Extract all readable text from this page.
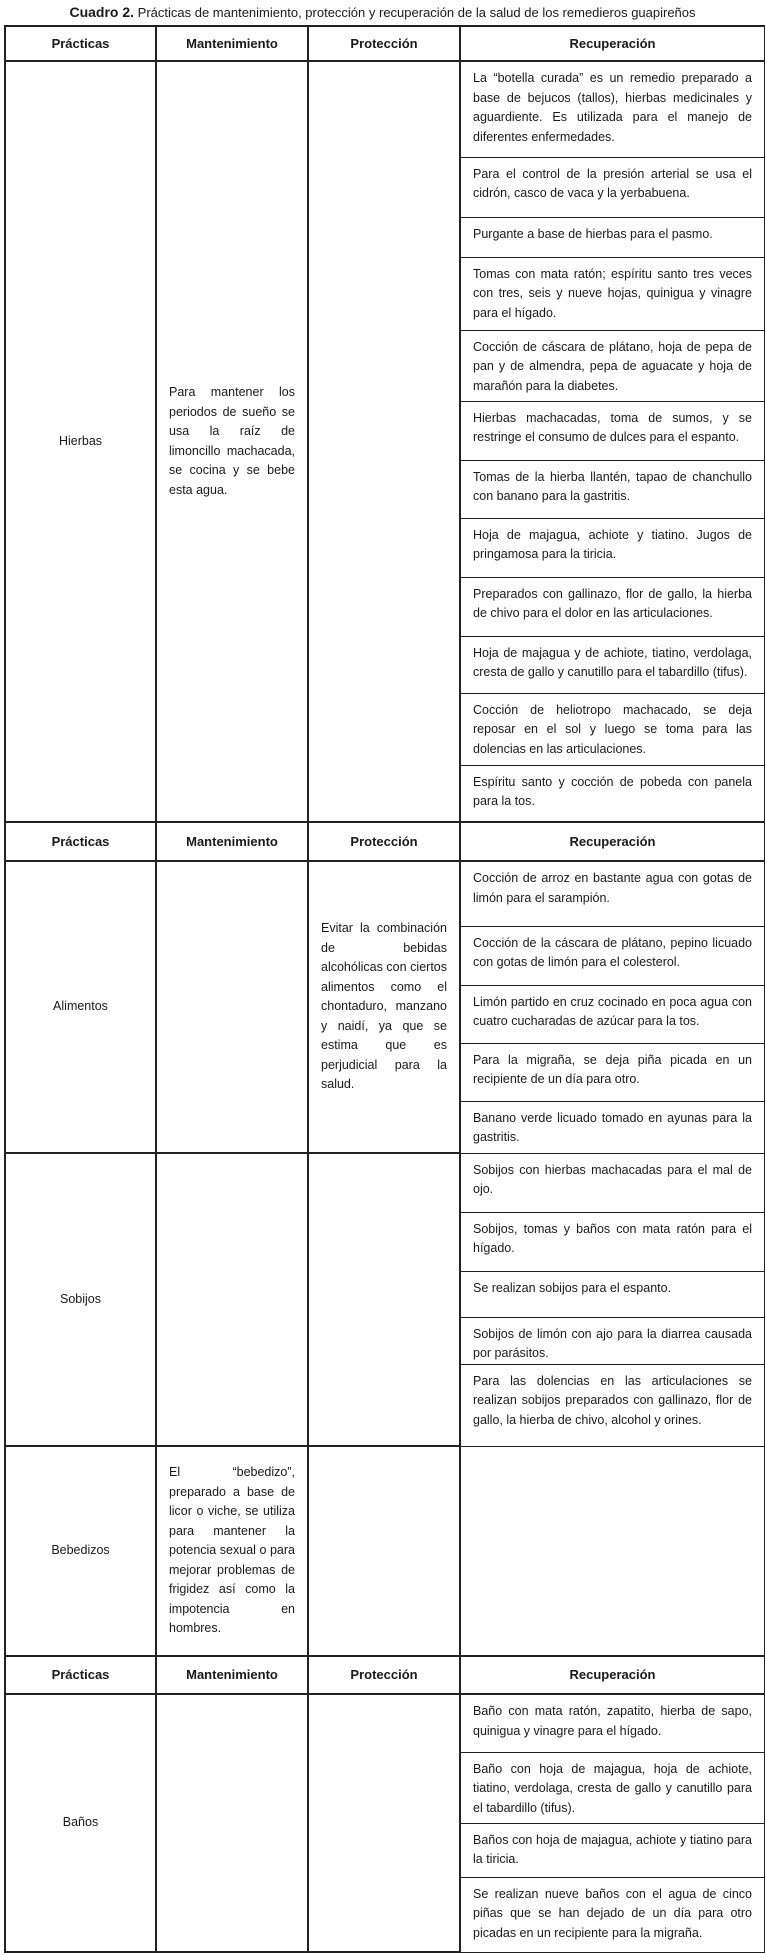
Cuadro 2. Prácticas de mantenimiento, protección y recuperación de la salud de los remedieros guapireños
Prácticas	Mantenimiento	Protección	Recuperación
Hierbas	Para mantener los periodos de sueño se usa la raíz de limoncillo machacada, se cocina y se bebe esta agua.		La “botella curada” es un remedio preparado a base de bejucos (tallos), hierbas medicinales y aguardiente. Es utilizada para el manejo de diferentes enfermedades.
			Para el control de la presión arterial se usa el cidrón, casco de vaca y la yerbabuena.
			Purgante a base de hierbas para el pasmo.
			Tomas con mata ratón; espíritu santo tres veces con tres, seis y nueve hojas, quinigua y vinagre para el hígado.
			Cocción de cáscara de plátano, hoja de pepa de pan y de almendra, pepa de aguacate y hoja de marañón para la diabetes.
			Hierbas machacadas, toma de sumos, y se restringe el consumo de dulces para el espanto.
			Tomas de la hierba llantén, tapao de chanchullo con banano para la gastritis.
			Hoja de majagua, achiote y tiatino. Jugos de pringamosa para la tiricia.
			Preparados con gallinazo, flor de gallo, la hierba de chivo para el dolor en las articulaciones.
			Hoja de majagua y de achiote, tiatino, verdolaga, cresta de gallo y canutillo para el tabardillo (tifus).
			Cocción de heliotropo machacado, se deja reposar en el sol y luego se toma para las dolencias en las articulaciones.
			Espíritu santo y cocción de pobeda con panela para la tos.
Prácticas	Mantenimiento	Protección	Recuperación
Alimentos		Evitar la combinación de bebidas alcohólicas con ciertos alimentos como el chontaduro, manzano y naidí, ya que se estima que es perjudicial para la salud.	Cocción de arroz en bastante agua con gotas de limón para el sarampión.
			Cocción de la cáscara de plátano, pepino licuado con gotas de limón para el colesterol.
			Limón partido en cruz cocinado en poca agua con cuatro cucharadas de azúcar para la tos.
			Para la migraña, se deja piña picada en un recipiente de un día para otro.
			Banano verde licuado tomado en ayunas para la gastritis.
Sobijos			Sobijos con hierbas machacadas para el mal de ojo.
			Sobijos, tomas y baños con mata ratón para el hígado.
			Se realizan sobijos para el espanto.
			Sobijos de limón con ajo para la diarrea causada por parásitos.
			Para las dolencias en las articulaciones se realizan sobijos preparados con gallinazo, flor de gallo, la hierba de chivo, alcohol y orines.
Bebedizos	El “bebedizo”, preparado a base de licor o viche, se utiliza para mantener la potencia sexual o para mejorar problemas de frigidez así como la impotencia en hombres.		
Prácticas	Mantenimiento	Protección	Recuperación
Baños			Baño con mata ratón, zapatito, hierba de sapo, quinigua y vinagre para el hígado.
			Baño con hoja de majagua, hoja de achiote, tiatino, verdolaga, cresta de gallo y canutillo para el tabardillo (tifus).
			Baños con hoja de majagua, achiote y tiatino para la tiricia.
			Se realizan nueve baños con el agua de cinco piñas que se han dejado de un día para otro picadas en un recipiente para la migraña.
